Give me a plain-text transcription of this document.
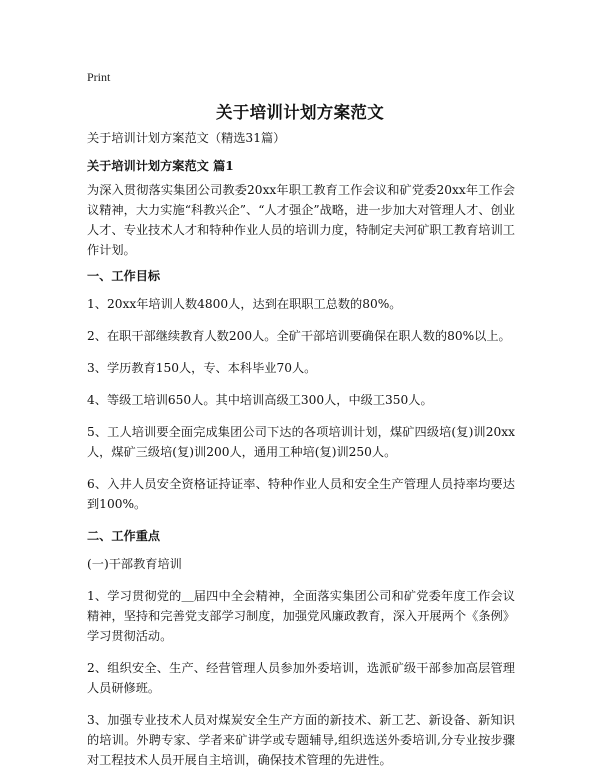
Print
关于培训计划方案范文

关于培训计划方案范文（精选31篇）

关于培训计划方案范文 篇1

为深入贯彻落实集团公司教委20xx年职工教育工作会议和矿党委20xx年工作会议精神，大力实施“科教兴企”、“人才强企”战略，进一步加大对管理人才、创业人才、专业技术人才和特种作业人员的培训力度，特制定夫河矿职工教育培训工作计划。

一、工作目标

1、20xx年培训人数4800人，达到在职职工总数的80%。

2、在职干部继续教育人数200人。全矿干部培训要确保在职人数的80%以上。

3、学历教育150人，专、本科毕业70人。

4、等级工培训650人。其中培训高级工300人，中级工350人。

5、工人培训要全面完成集团公司下达的各项培训计划，煤矿四级培(复)训20xx人，煤矿三级培(复)训200人，通用工种培(复)训250人。

6、入井人员安全资格证持证率、特种作业人员和安全生产管理人员持率均要达到100%。

二、工作重点

(一)干部教育培训

1、学习贯彻党的＿届四中全会精神，全面落实集团公司和矿党委年度工作会议精神，坚持和完善党支部学习制度，加强党风廉政教育，深入开展两个《条例》学习贯彻活动。

2、组织安全、生产、经营管理人员参加外委培训，选派矿级干部参加高层管理人员研修班。

3、加强专业技术人员对煤炭安全生产方面的新技术、新工艺、新设备、新知识的培训。外聘专家、学者来矿讲学或专题辅导,组织选送外委培训,分专业按步骤对工程技术人员开展自主培训，确保技术管理的先进性。
